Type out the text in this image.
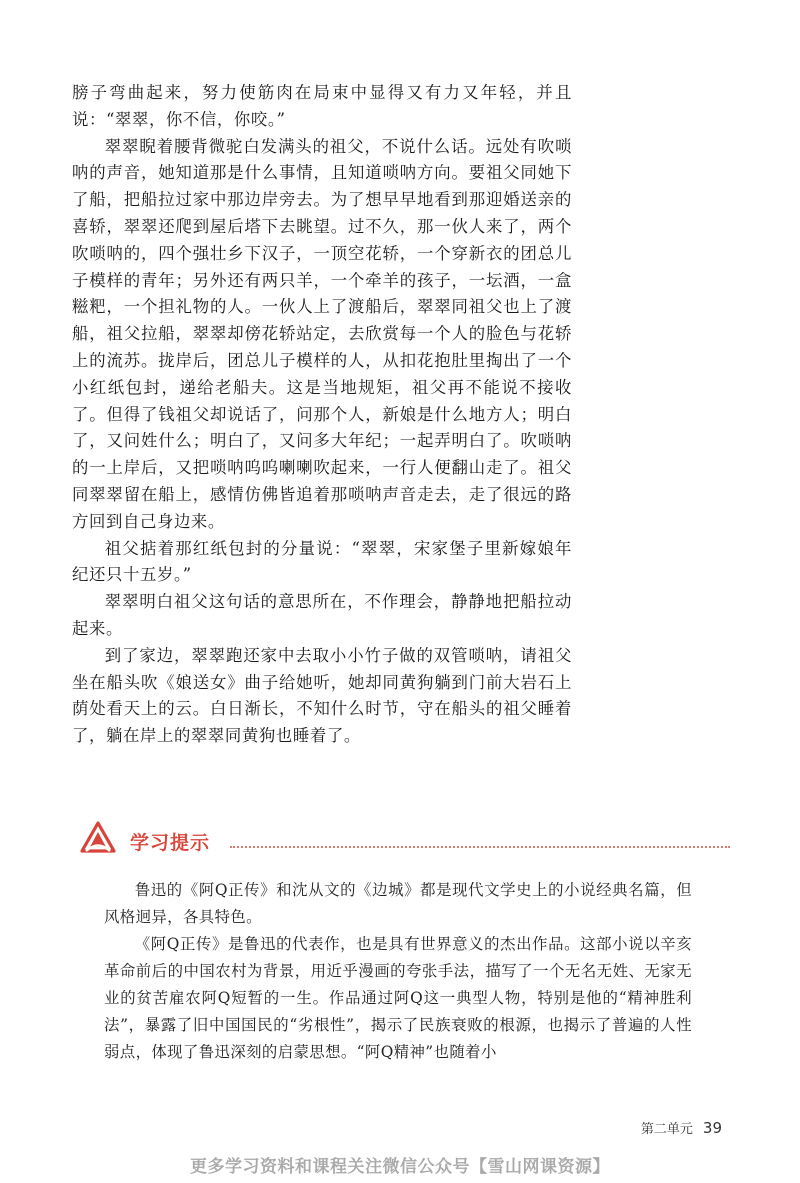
膀子弯曲起来，努力使筋肉在局束中显得又有力又年轻，并且说：“翠翠，你不信，你咬。”

翠翠睨着腰背微驼白发满头的祖父，不说什么话。远处有吹唢呐的声音，她知道那是什么事情，且知道唢呐方向。要祖父同她下了船，把船拉过家中那边岸旁去。为了想早早地看到那迎婚送亲的喜轿，翠翠还爬到屋后塔下去眺望。过不久，那一伙人来了，两个吹唢呐的，四个强壮乡下汉子，一顶空花轿，一个穿新衣的团总儿子模样的青年；另外还有两只羊，一个牵羊的孩子，一坛酒，一盒糍粑，一个担礼物的人。一伙人上了渡船后，翠翠同祖父也上了渡船，祖父拉船，翠翠却傍花轿站定，去欣赏每一个人的脸色与花轿上的流苏。拢岸后，团总儿子模样的人，从扣花抱肚里掏出了一个小红纸包封，递给老船夫。这是当地规矩，祖父再不能说不接收了。但得了钱祖父却说话了，问那个人，新娘是什么地方人；明白了，又问姓什么；明白了，又问多大年纪；一起弄明白了。吹唢呐的一上岸后，又把唢呐呜呜喇喇吹起来，一行人便翻山走了。祖父同翠翠留在船上，感情仿佛皆追着那唢呐声音走去，走了很远的路方回到自己身边来。

祖父掂着那红纸包封的分量说：“翠翠，宋家堡子里新嫁娘年纪还只十五岁。”

翠翠明白祖父这句话的意思所在，不作理会，静静地把船拉动起来。

到了家边，翠翠跑还家中去取小小竹子做的双管唢呐，请祖父坐在船头吹《娘送女》曲子给她听，她却同黄狗躺到门前大岩石上荫处看天上的云。白日渐长，不知什么时节，守在船头的祖父睡着了，躺在岸上的翠翠同黄狗也睡着了。

学习提示

鲁迅的《阿Q正传》和沈从文的《边城》都是现代文学史上的小说经典名篇，但风格迥异，各具特色。

《阿Q正传》是鲁迅的代表作，也是具有世界意义的杰出作品。这部小说以辛亥革命前后的中国农村为背景，用近乎漫画的夸张手法，描写了一个无名无姓、无家无业的贫苦雇农阿Q短暂的一生。作品通过阿Q这一典型人物，特别是他的“精神胜利法”，暴露了旧中国国民的“劣根性”，揭示了民族衰败的根源，也揭示了普遍的人性弱点，体现了鲁迅深刻的启蒙思想。“阿Q精神”也随着小

第二单元 39
更多学习资料和课程关注微信公众号【雪山网课资源】
